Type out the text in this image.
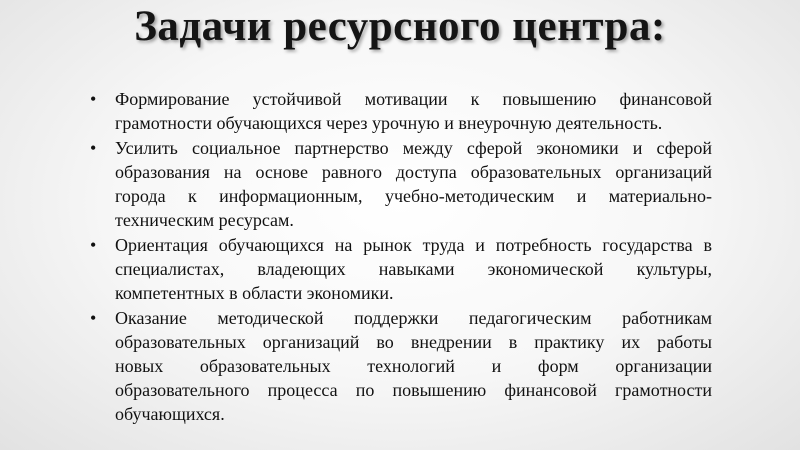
Задачи ресурсного центра:
• Формирование устойчивой мотивации к повышению финансовой
грамотности обучающихся через урочную и внеурочную деятельность.
• Усилить социальное партнерство между сферой экономики и сферой
образования на основе равного доступа образовательных организаций
города к информационным, учебно-методическим и материально-
техническим ресурсам.
• Ориентация обучающихся на рынок труда и потребность государства в
специалистах, владеющих навыками экономической культуры,
компетентных в области экономики.
• Оказание методической поддержки педагогическим работникам
образовательных организаций во внедрении в практику их работы
новых образовательных технологий и форм организации
образовательного процесса по повышению финансовой грамотности
обучающихся.
